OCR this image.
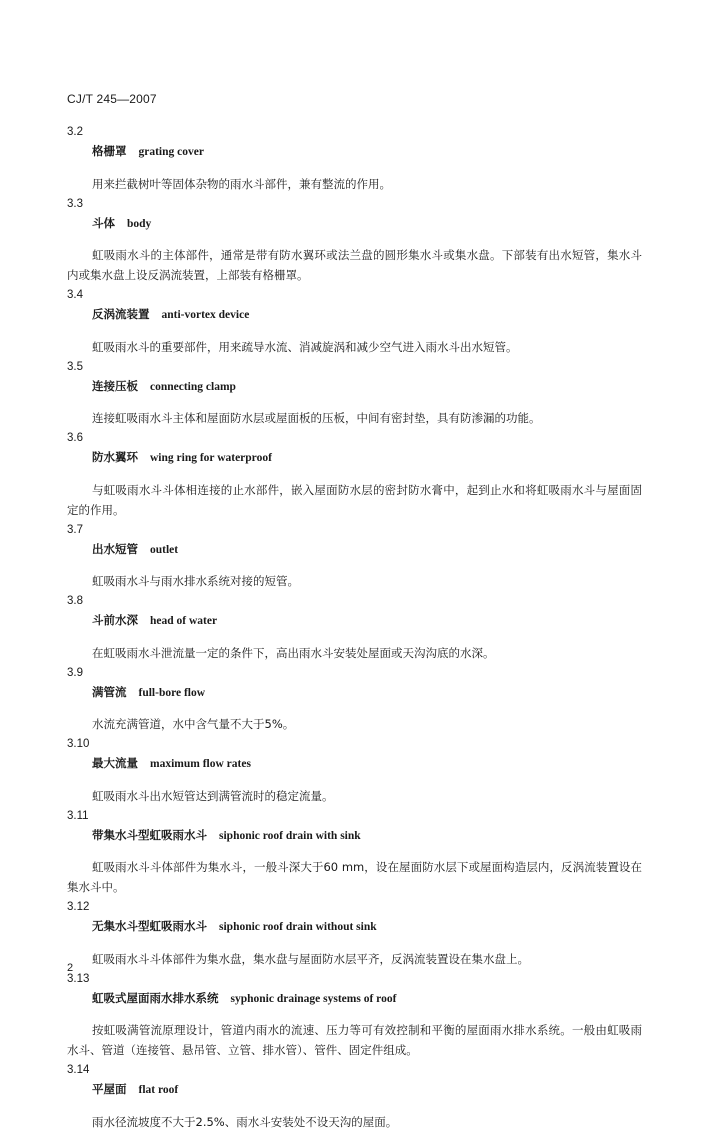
CJ/T 245—2007
3.2
格栅罩 grating cover

用来拦截树叶等固体杂物的雨水斗部件，兼有整流的作用。

3.3
斗体 body

虹吸雨水斗的主体部件，通常是带有防水翼环或法兰盘的圆形集水斗或集水盘。下部装有出水短管，集水斗内或集水盘上设反涡流装置，上部装有格栅罩。

3.4
反涡流装置 anti-vortex device

虹吸雨水斗的重要部件，用来疏导水流、消减旋涡和减少空气进入雨水斗出水短管。

3.5
连接压板 connecting clamp

连接虹吸雨水斗主体和屋面防水层或屋面板的压板，中间有密封垫，具有防渗漏的功能。

3.6
防水翼环 wing ring for waterproof

与虹吸雨水斗斗体相连接的止水部件，嵌入屋面防水层的密封防水膏中，起到止水和将虹吸雨水斗与屋面固定的作用。

3.7
出水短管 outlet

虹吸雨水斗与雨水排水系统对接的短管。

3.8
斗前水深 head of water

在虹吸雨水斗泄流量一定的条件下，高出雨水斗安装处屋面或天沟沟底的水深。

3.9
满管流 full-bore flow

水流充满管道，水中含气量不大于5%。

3.10
最大流量 maximum flow rates

虹吸雨水斗出水短管达到满管流时的稳定流量。

3.11
带集水斗型虹吸雨水斗 siphonic roof drain with sink

虹吸雨水斗斗体部件为集水斗，一般斗深大于60 mm，设在屋面防水层下或屋面构造层内，反涡流装置设在集水斗中。

3.12
无集水斗型虹吸雨水斗 siphonic roof drain without sink

虹吸雨水斗斗体部件为集水盘，集水盘与屋面防水层平齐，反涡流装置设在集水盘上。

3.13
虹吸式屋面雨水排水系统 syphonic drainage systems of roof

按虹吸满管流原理设计，管道内雨水的流速、压力等可有效控制和平衡的屋面雨水排水系统。一般由虹吸雨水斗、管道（连接管、悬吊管、立管、排水管）、管件、固定件组成。

3.14
平屋面 flat roof

雨水径流坡度不大于2.5%、雨水斗安装处不设天沟的屋面。

2
